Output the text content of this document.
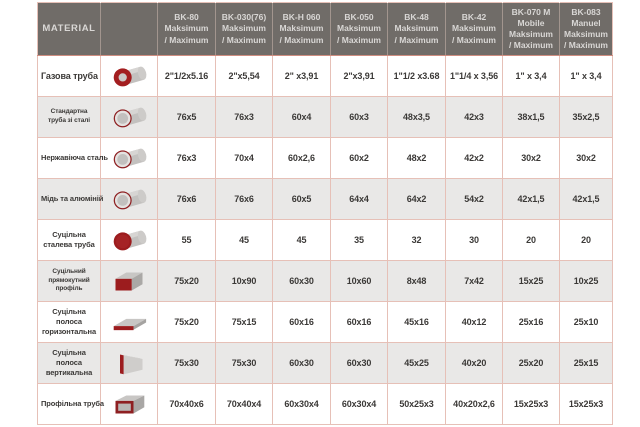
MATERIAL		BK-80
Maksimum
/ Maximum	BK-030(76)
Maksimum
/ Maximum	BK-H 060
Maksimum
/ Maximum	BK-050
Maksimum
/ Maximum	BK-48
Maksimum
/ Maximum	BK-42
Maksimum
/ Maximum	BK-070 M
Mobile
Maksimum
/ Maximum	BK-083
Manuel
Maksimum
/ Maximum
Газова труба		2"1/2x5.16	2"x5,54	2" x3,91	2"x3,91	1"1/2 x3.68	1"1/4 x 3,56	1" x 3,4	1" x 3,4
Стандартна труба зі сталі		76x5	76x3	60x4	60x3	48x3,5	42x3	38x1,5	35x2,5
Нержавіюча сталь		76x3	70x4	60x2,6	60x2	48x2	42x2	30x2	30x2
Мідь та алюміній		76x6	76x6	60x5	64x4	64x2	54x2	42x1,5	42x1,5
Суцільна сталева труба		55	45	45	35	32	30	20	20
Суцільний прямокутний профіль		75x20	10x90	60x30	10x60	8x48	7x42	15x25	10x25
Суцільна полоса горизонтальна		75x20	75x15	60x16	60x16	45x16	40x12	25x16	25x10
Суцільна полоса вертикальна		75x30	75x30	60x30	60x30	45x25	40x20	25x20	25x15
Профільна труба		70x40x6	70x40x4	60x30x4	60x30x4	50x25x3	40x20x2,6	15x25x3	15x25x3
